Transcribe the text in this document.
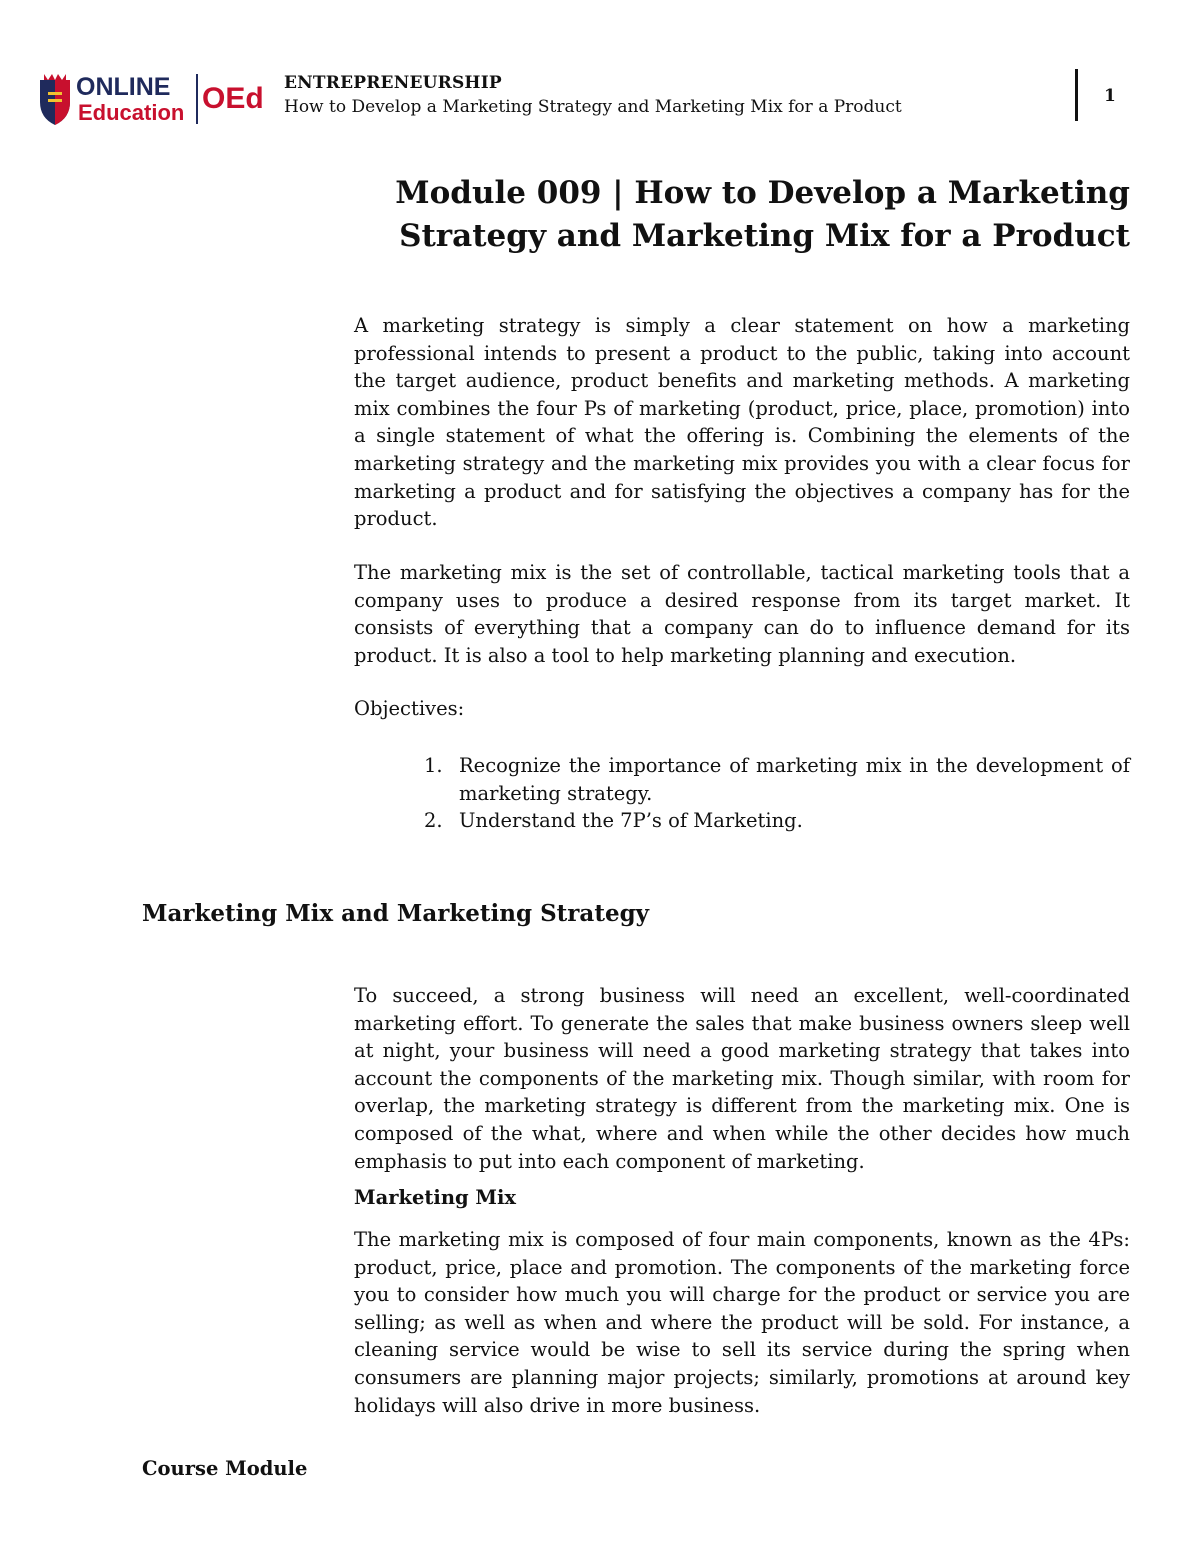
ONLINE
Education OEd ENTREPRENEURSHIP
How to Develop a Marketing Strategy and Marketing Mix for a Product
1
Module 009 | How to Develop a Marketing
Strategy and Marketing Mix for a Product

A marketing strategy is simply a clear statement on how a marketing professional intends to present a product to the public, taking into account the target audience, product benefits and marketing methods. A marketing mix combines the four Ps of marketing (product, price, place, promotion) into a single statement of what the offering is. Combining the elements of the marketing strategy and the marketing mix provides you with a clear focus for marketing a product and for satisfying the objectives a company has for the product.

The marketing mix is the set of controllable, tactical marketing tools that a company uses to produce a desired response from its target market. It consists of everything that a company can do to influence demand for its product. It is also a tool to help marketing planning and execution.

Objectives:
1. Recognize the importance of marketing mix in the development of marketing strategy.
2. Understand the 7P’s of Marketing.
Marketing Mix and Marketing Strategy

To succeed, a strong business will need an excellent, well-coordinated marketing effort. To generate the sales that make business owners sleep well at night, your business will need a good marketing strategy that takes into account the components of the marketing mix. Though similar, with room for overlap, the marketing strategy is different from the marketing mix. One is composed of the what, where and when while the other decides how much emphasis to put into each component of marketing.

Marketing Mix

The marketing mix is composed of four main components, known as the 4Ps: product, price, place and promotion. The components of the marketing force you to consider how much you will charge for the product or service you are selling; as well as when and where the product will be sold. For instance, a cleaning service would be wise to sell its service during the spring when consumers are planning major projects; similarly, promotions at around key holidays will also drive in more business.

Course Module
